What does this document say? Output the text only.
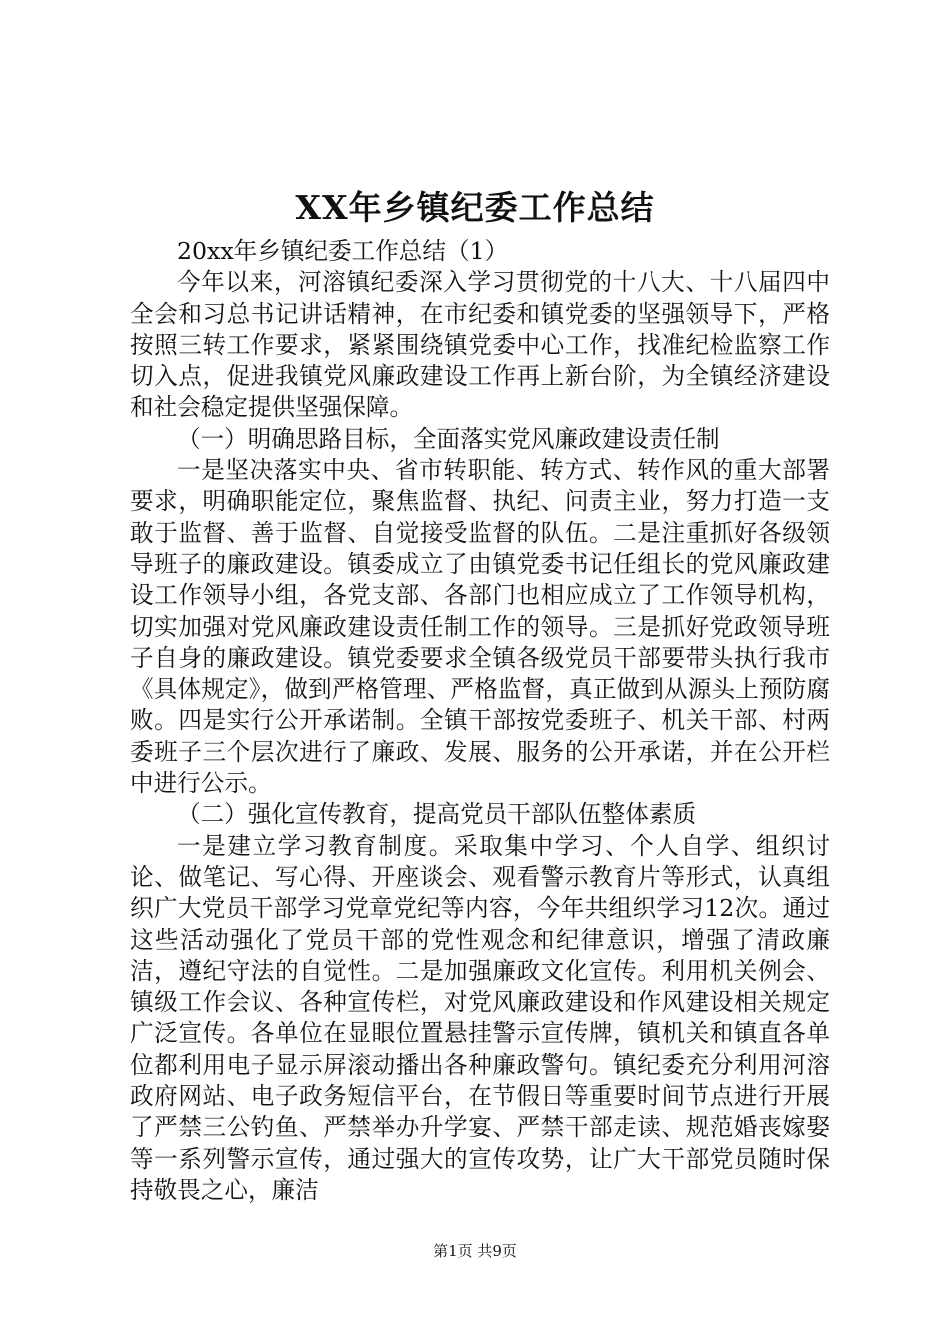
XX年乡镇纪委工作总结

20xx年乡镇纪委工作总结（1）

今年以来，河溶镇纪委深入学习贯彻党的十八大、十八届四中全会和习总书记讲话精神，在市纪委和镇党委的坚强领导下，严格按照三转工作要求，紧紧围绕镇党委中心工作，找准纪检监察工作切入点，促进我镇党风廉政建设工作再上新台阶，为全镇经济建设和社会稳定提供坚强保障。

（一）明确思路目标，全面落实党风廉政建设责任制

一是坚决落实中央、省市转职能、转方式、转作风的重大部署要求，明确职能定位，聚焦监督、执纪、问责主业，努力打造一支敢于监督、善于监督、自觉接受监督的队伍。二是注重抓好各级领导班子的廉政建设。镇委成立了由镇党委书记任组长的党风廉政建设工作领导小组，各党支部、各部门也相应成立了工作领导机构，切实加强对党风廉政建设责任制工作的领导。三是抓好党政领导班子自身的廉政建设。镇党委要求全镇各级党员干部要带头执行我市《具体规定》，做到严格管理、严格监督，真正做到从源头上预防腐败。四是实行公开承诺制。全镇干部按党委班子、机关干部、村两委班子三个层次进行了廉政、发展、服务的公开承诺，并在公开栏中进行公示。

（二）强化宣传教育，提高党员干部队伍整体素质

一是建立学习教育制度。采取集中学习、个人自学、组织讨论、做笔记、写心得、开座谈会、观看警示教育片等形式，认真组织广大党员干部学习党章党纪等内容，今年共组织学习12次。通过这些活动强化了党员干部的党性观念和纪律意识，增强了清政廉洁，遵纪守法的自觉性。二是加强廉政文化宣传。利用机关例会、镇级工作会议、各种宣传栏，对党风廉政建设和作风建设相关规定广泛宣传。各单位在显眼位置悬挂警示宣传牌，镇机关和镇直各单位都利用电子显示屏滚动播出各种廉政警句。镇纪委充分利用河溶政府网站、电子政务短信平台，在节假日等重要时间节点进行开展了严禁三公钓鱼、严禁举办升学宴、严禁干部走读、规范婚丧嫁娶等一系列警示宣传，通过强大的宣传攻势，让广大干部党员随时保持敬畏之心，廉洁

第1页 共9页
